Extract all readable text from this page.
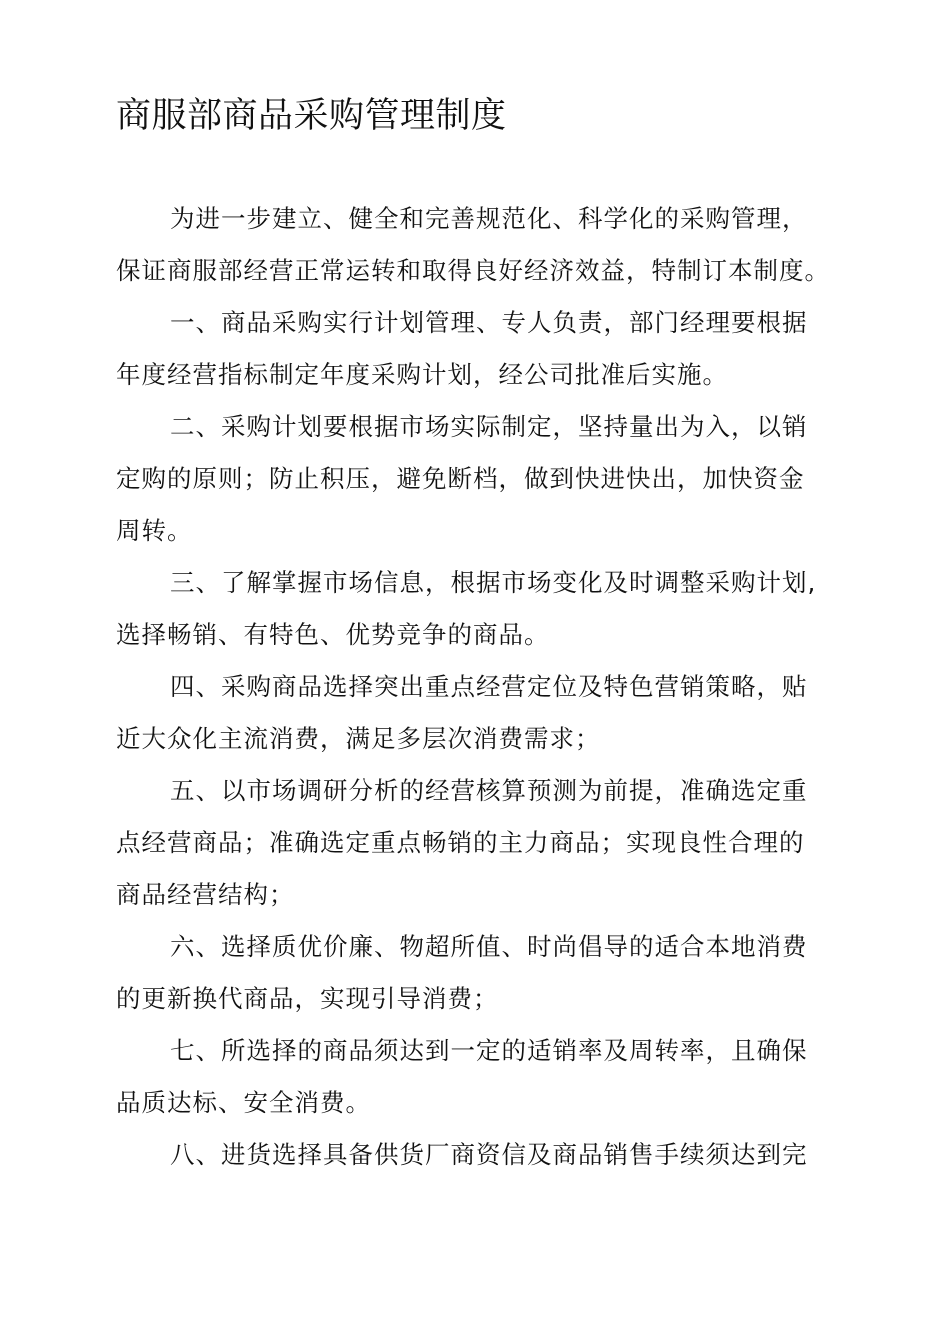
商服部商品采购管理制度
为进一步建立、健全和完善规范化、科学化的采购管理，
保证商服部经营正常运转和取得良好经济效益，特制订本制度。
一、商品采购实行计划管理、专人负责，部门经理要根据
年度经营指标制定年度采购计划，经公司批准后实施。
二、采购计划要根据市场实际制定，坚持量出为入，以销
定购的原则；防止积压，避免断档，做到快进快出，加快资金
周转。
三、了解掌握市场信息，根据市场变化及时调整采购计划,
选择畅销、有特色、优势竞争的商品。
四、采购商品选择突出重点经营定位及特色营销策略，贴
近大众化主流消费，满足多层次消费需求；
五、以市场调研分析的经营核算预测为前提，准确选定重
点经营商品；准确选定重点畅销的主力商品；实现良性合理的
商品经营结构；
六、选择质优价廉、物超所值、时尚倡导的适合本地消费
的更新换代商品，实现引导消费；
七、所选择的商品须达到一定的适销率及周转率，且确保
品质达标、安全消费。
八、进货选择具备供货厂商资信及商品销售手续须达到完
